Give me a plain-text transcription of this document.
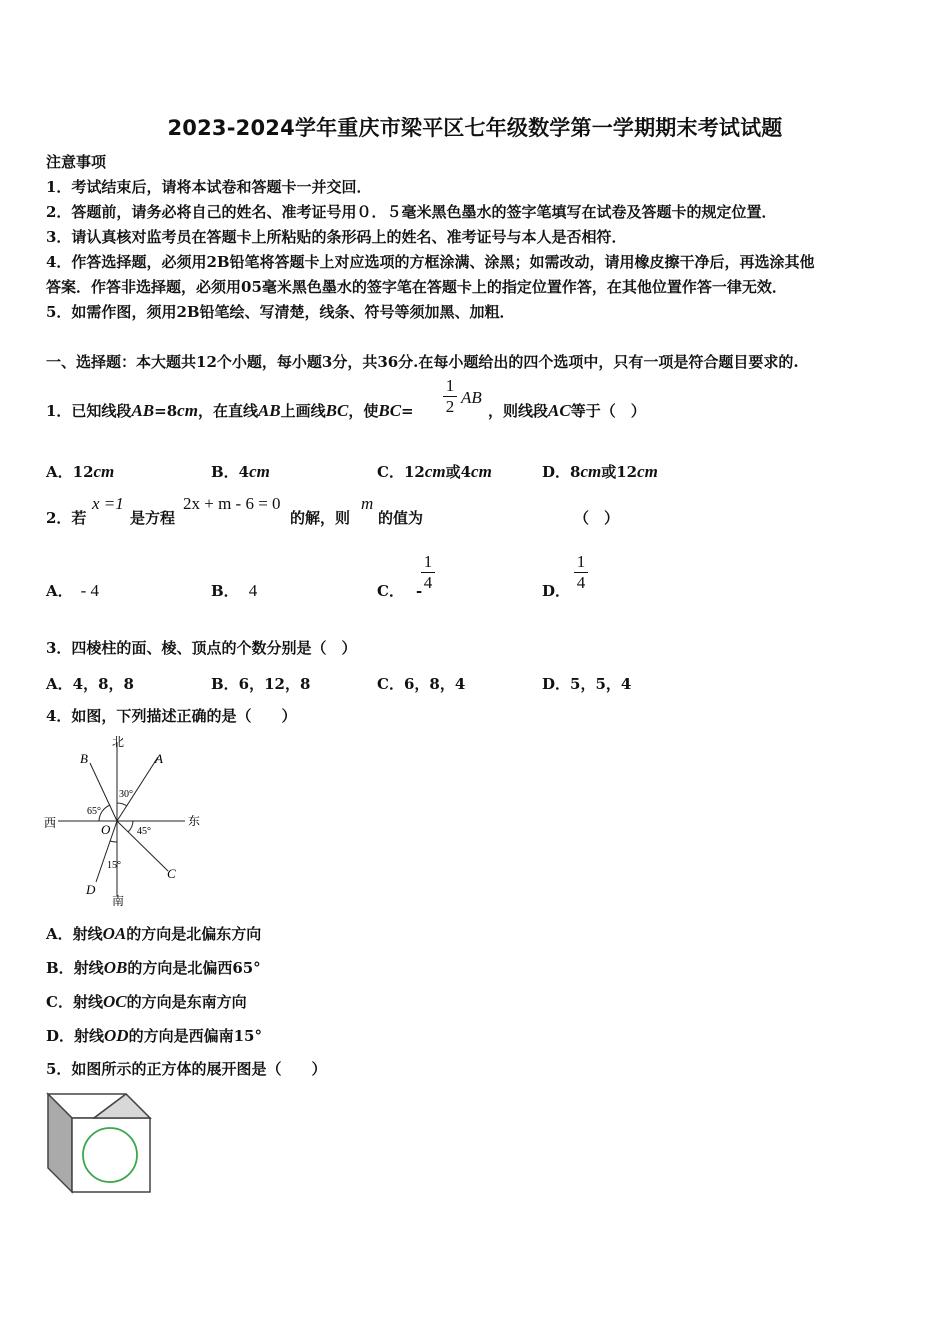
2023-2024学年重庆市梁平区七年级数学第一学期期末考试试题
注意事项
1．考试结束后，请将本试卷和答题卡一并交回．
2．答题前，请务必将自己的姓名、准考证号用０．５毫米黑色墨水的签字笔填写在试卷及答题卡的规定位置．
3．请认真核对监考员在答题卡上所粘贴的条形码上的姓名、准考证号与本人是否相符．
4．作答选择题，必须用2B铅笔将答题卡上对应选项的方框涂满、涂黑；如需改动，请用橡皮擦干净后，再选涂其他
答案．作答非选择题，必须用05毫米黑色墨水的签字笔在答题卡上的指定位置作答，在其他位置作答一律无效．
5．如需作图，须用2B铅笔绘、写清楚，线条、符号等须加黑、加粗．
一、选择题：本大题共12个小题，每小题3分，共36分.在每小题给出的四个选项中，只有一项是符合题目要求的.
1．已知线段AB=8cm，在直线AB上画线BC，使BC=
1
2 AB
，则线段AC等于（　）
A．12cm	B．4cm	C．12cm或4cm	D．8cm或12cm
2．若
x =1
是方程
2x + m - 6 = 0
的解，则
m
的值为	（　）
A． - 4	B． 4	C． -
1
4	D．
1
4
3．四棱柱的面、棱、顶点的个数分别是（　）
A．4，8，8	B．6，12，8	C．6，8，4	D．5，5，4
4．如图，下列描述正确的是（　　）
北
南
西	东
A
B
C
D
O
30°
65°
45°
15°
A．射线OA的方向是北偏东方向
B．射线OB的方向是北偏西65°
C．射线OC的方向是东南方向
D．射线OD的方向是西偏南15°
5．如图所示的正方体的展开图是（　　）
